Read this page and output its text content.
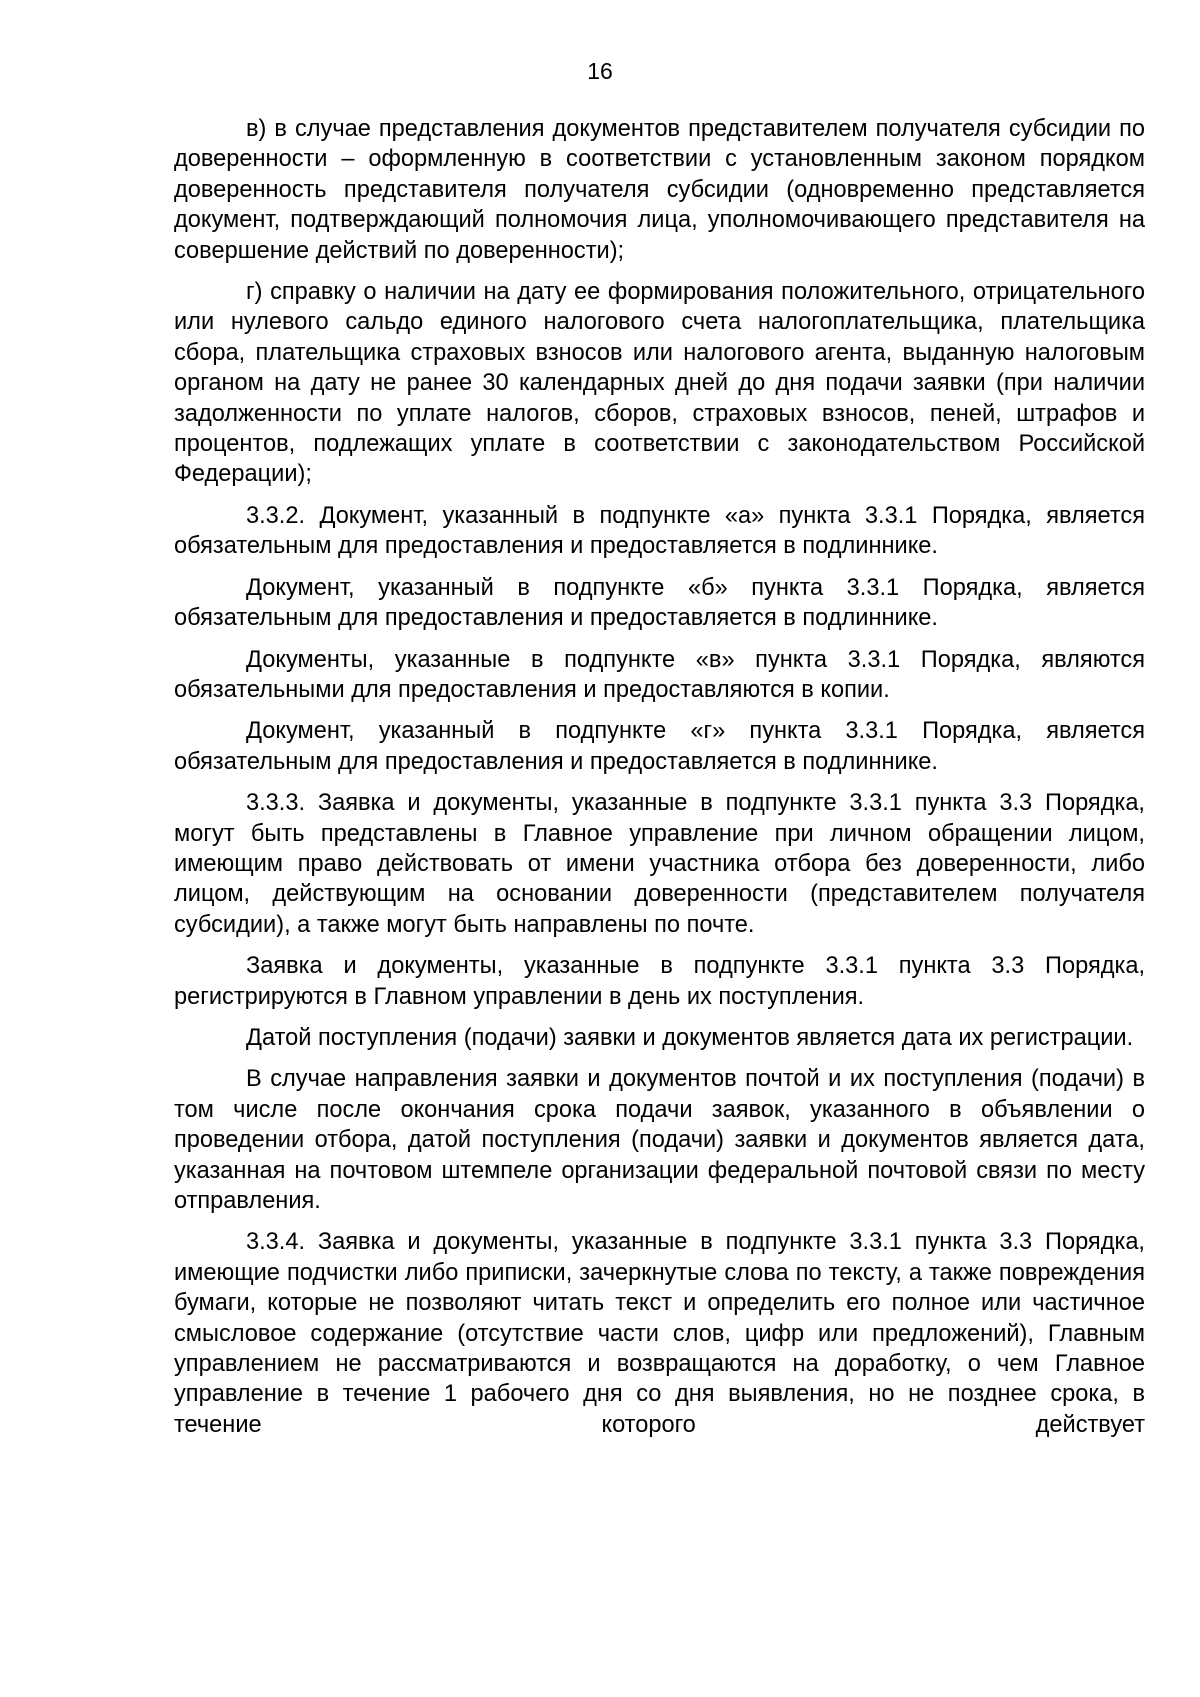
16

в) в случае представления документов представителем получателя субсидии по доверенности – оформленную в соответствии с установленным законом порядком доверенность представителя получателя субсидии (одновременно представляется документ, подтверждающий полномочия лица, уполномочивающего представителя на совершение действий по доверенности);

г) справку о наличии на дату ее формирования положительного, отрицательного или нулевого сальдо единого налогового счета налогоплательщика, плательщика сбора, плательщика страховых взносов или налогового агента, выданную налоговым органом на дату не ранее 30 календарных дней до дня подачи заявки (при наличии задолженности по уплате налогов, сборов, страховых взносов, пеней, штрафов и процентов, подлежащих уплате в соответствии с законодательством Российской Федерации);

3.3.2. Документ, указанный в подпункте «а» пункта 3.3.1 Порядка, является обязательным для предоставления и предоставляется в подлиннике.

Документ, указанный в подпункте «б» пункта 3.3.1 Порядка, является обязательным для предоставления и предоставляется в подлиннике.

Документы, указанные в подпункте «в» пункта 3.3.1 Порядка, являются обязательными для предоставления и предоставляются в копии.

Документ, указанный в подпункте «г» пункта 3.3.1 Порядка, является обязательным для предоставления и предоставляется в подлиннике.

3.3.3. Заявка и документы, указанные в подпункте 3.3.1 пункта 3.3 Порядка, могут быть представлены в Главное управление при личном обращении лицом, имеющим право действовать от имени участника отбора без доверенности, либо лицом, действующим на основании доверенности (представителем получателя субсидии), а также могут быть направлены по почте.

Заявка и документы, указанные в подпункте 3.3.1 пункта 3.3 Порядка, регистрируются в Главном управлении в день их поступления.

Датой поступления (подачи) заявки и документов является дата их регистрации.

В случае направления заявки и документов почтой и их поступления (подачи) в том числе после окончания срока подачи заявок, указанного в объявлении о проведении отбора, датой поступления (подачи) заявки и документов является дата, указанная на почтовом штемпеле организации федеральной почтовой связи по месту отправления.

3.3.4. Заявка и документы, указанные в подпункте 3.3.1 пункта 3.3 Порядка, имеющие подчистки либо приписки, зачеркнутые слова по тексту, а также повреждения бумаги, которые не позволяют читать текст и определить его полное или частичное смысловое содержание (отсутствие части слов, цифр или предложений), Главным управлением не рассматриваются и возвращаются на доработку, о чем Главное управление в течение 1 рабочего дня со дня выявления, но не позднее срока, в течение которого действует
